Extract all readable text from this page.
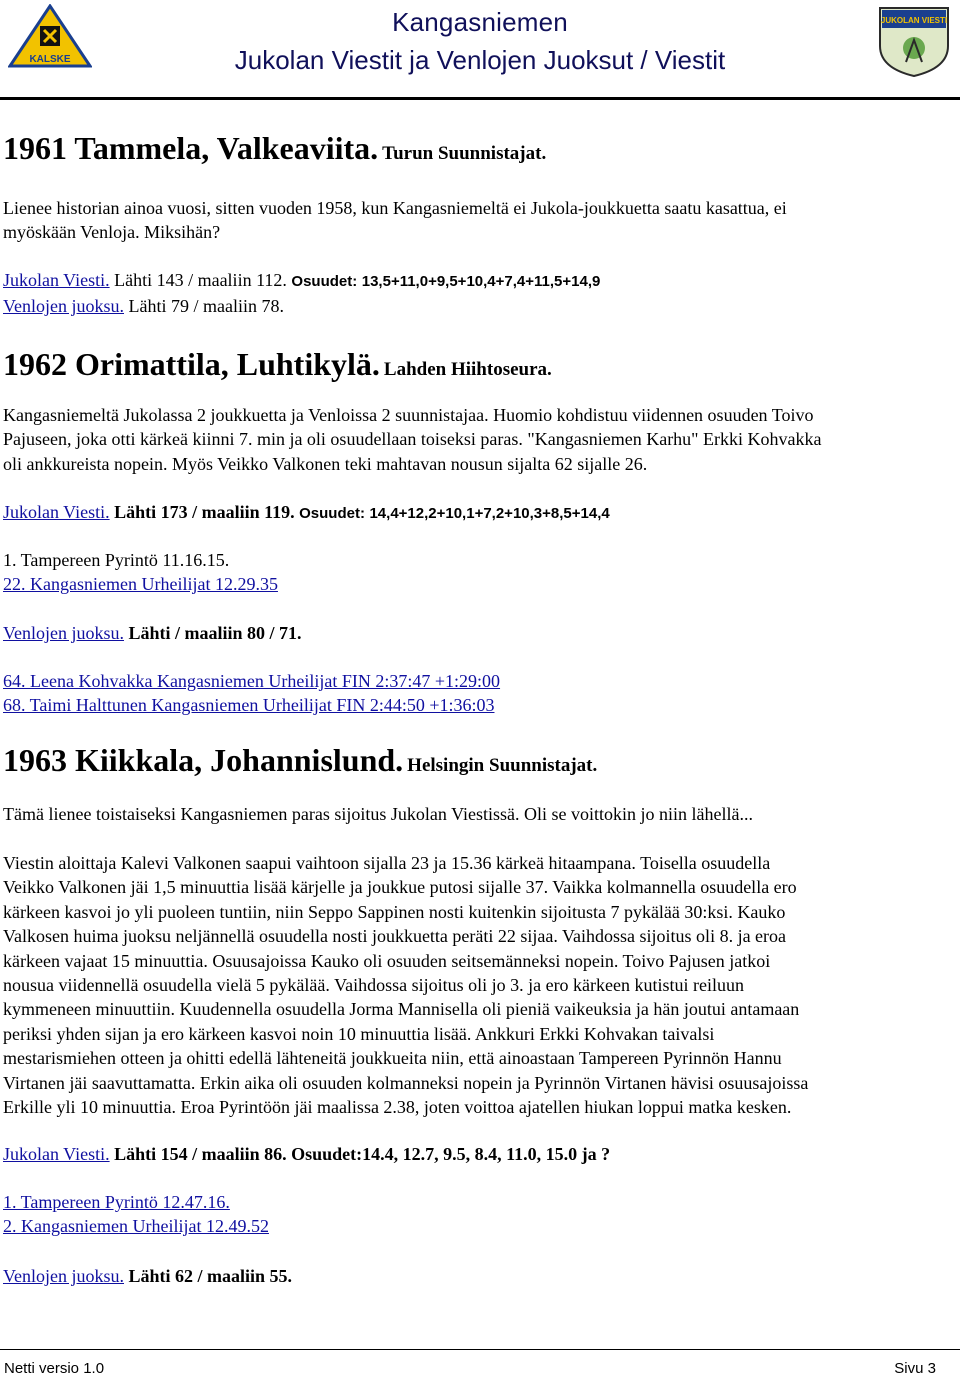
KALSKE
JUKOLAN VIESTI
Kangasniemen
Jukolan Viestit ja Venlojen Juoksut / Viestit
1961 Tammela, Valkeaviita. Turun Suunnistajat.
Lienee historian ainoa vuosi, sitten vuoden 1958, kun Kangasniemeltä ei Jukola-joukkuetta saatu kasattua, ei
myöskään Venloja. Miksihän?
Jukolan Viesti. Lähti 143 / maaliin 112. Osuudet: 13,5+11,0+9,5+10,4+7,4+11,5+14,9
Venlojen juoksu. Lähti 79 / maaliin 78.
1962 Orimattila, Luhtikylä. Lahden Hiihtoseura.
Kangasniemeltä Jukolassa 2 joukkuetta ja Venloissa 2 suunnistajaa. Huomio kohdistuu viidennen osuuden Toivo
Pajuseen, joka otti kärkeä kiinni 7. min ja oli osuudellaan toiseksi paras. "Kangasniemen Karhu" Erkki Kohvakka
oli ankkureista nopein. Myös Veikko Valkonen teki mahtavan nousun sijalta 62 sijalle 26.
Jukolan Viesti. Lähti 173 / maaliin 119. Osuudet: 14,4+12,2+10,1+7,2+10,3+8,5+14,4
1. Tampereen Pyrintö 11.16.15.
22. Kangasniemen Urheilijat 12.29.35
Venlojen juoksu. Lähti / maaliin 80 / 71.
64. Leena Kohvakka Kangasniemen Urheilijat FIN 2:37:47 +1:29:00
68. Taimi Halttunen Kangasniemen Urheilijat FIN 2:44:50 +1:36:03
1963 Kiikkala, Johannislund. Helsingin Suunnistajat.
Tämä lienee toistaiseksi Kangasniemen paras sijoitus Jukolan Viestissä. Oli se voittokin jo niin lähellä...
Viestin aloittaja Kalevi Valkonen saapui vaihtoon sijalla 23 ja 15.36 kärkeä hitaampana. Toisella osuudella
Veikko Valkonen jäi 1,5 minuuttia lisää kärjelle ja joukkue putosi sijalle 37. Vaikka kolmannella osuudella ero
kärkeen kasvoi jo yli puoleen tuntiin, niin Seppo Sappinen nosti kuitenkin sijoitusta 7 pykälää 30:ksi. Kauko
Valkosen huima juoksu neljännellä osuudella nosti joukkuetta peräti 22 sijaa. Vaihdossa sijoitus oli 8. ja eroa
kärkeen vajaat 15 minuuttia. Osuusajoissa Kauko oli osuuden seitsemänneksi nopein. Toivo Pajusen jatkoi
nousua viidennellä osuudella vielä 5 pykälää. Vaihdossa sijoitus oli jo 3. ja ero kärkeen kutistui reiluun
kymmeneen minuuttiin. Kuudennella osuudella Jorma Mannisella oli pieniä vaikeuksia ja hän joutui antamaan
periksi yhden sijan ja ero kärkeen kasvoi noin 10 minuuttia lisää. Ankkuri Erkki Kohvakan taivalsi
mestarismiehen otteen ja ohitti edellä lähteneitä joukkueita niin, että ainoastaan Tampereen Pyrinnön Hannu
Virtanen jäi saavuttamatta. Erkin aika oli osuuden kolmanneksi nopein ja Pyrinnön Virtanen hävisi osuusajoissa
Erkille yli 10 minuuttia. Eroa Pyrintöön jäi maalissa 2.38, joten voittoa ajatellen hiukan loppui matka kesken.
Jukolan Viesti. Lähti 154 / maaliin 86. Osuudet:14.4, 12.7, 9.5, 8.4, 11.0, 15.0 ja ?
1. Tampereen Pyrintö 12.47.16.
2. Kangasniemen Urheilijat 12.49.52
Venlojen juoksu. Lähti 62 / maaliin 55.
Netti versio 1.0	Sivu 3
